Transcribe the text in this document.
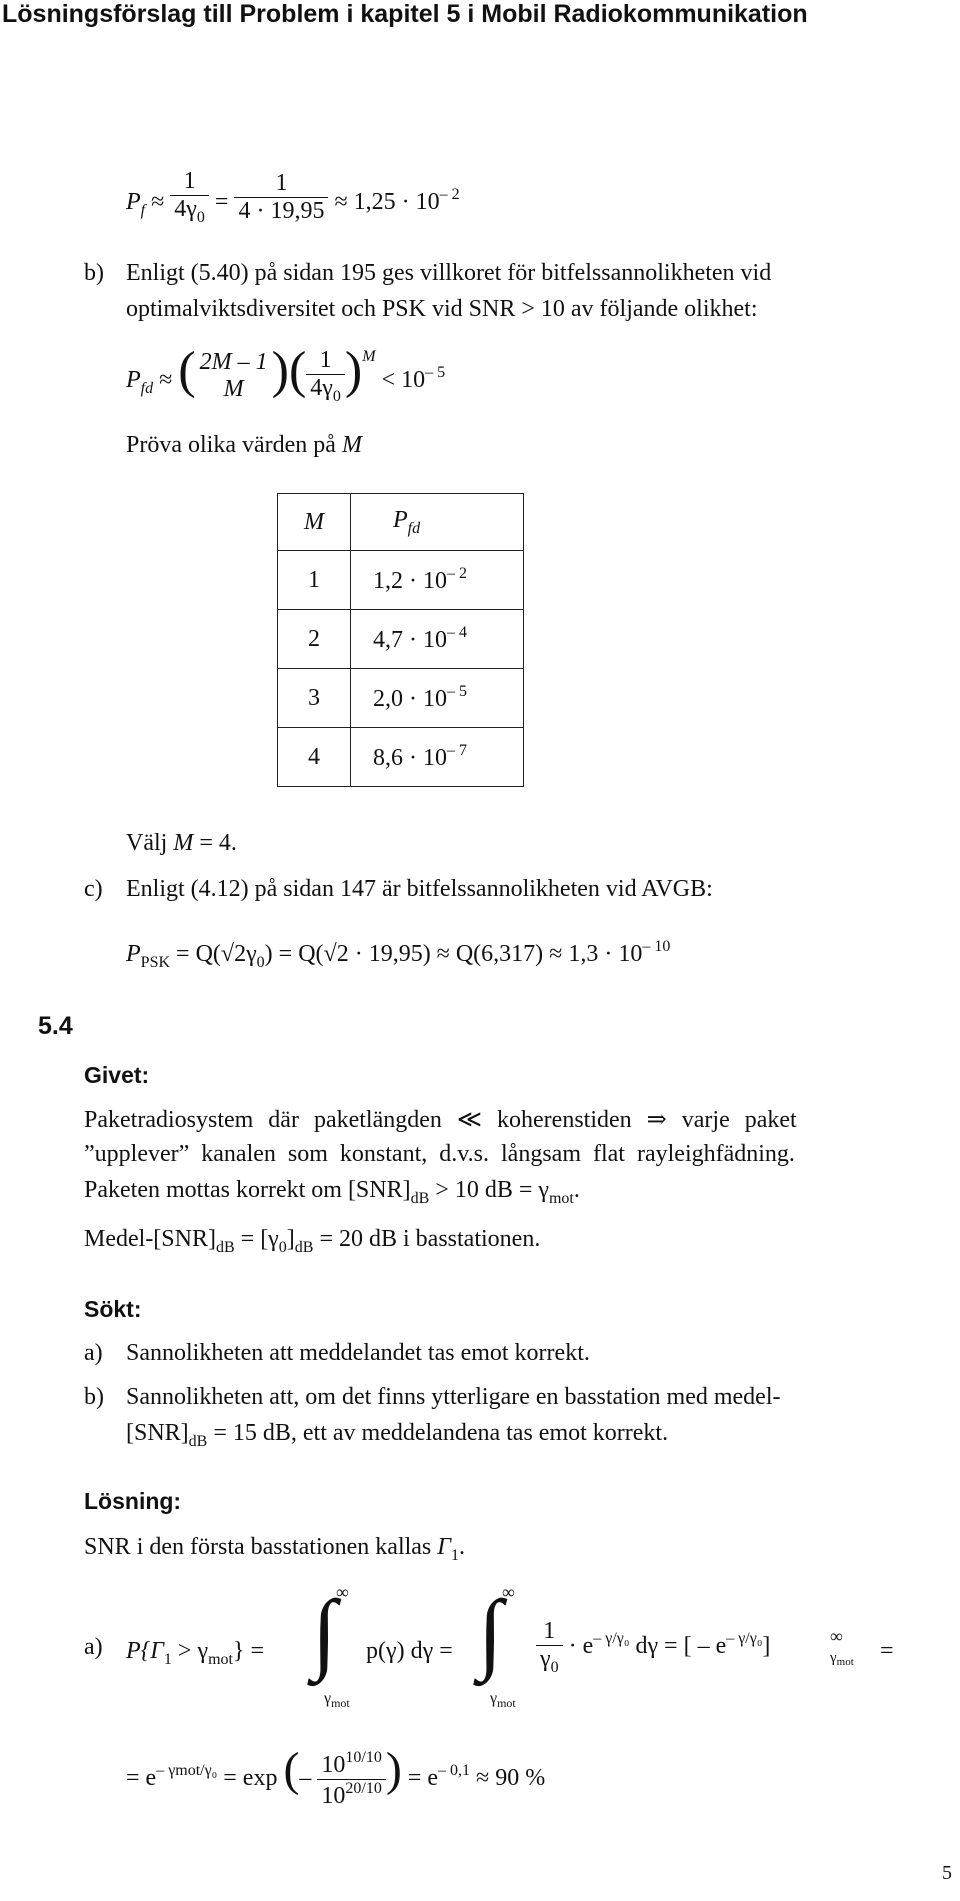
Lösningsförslag till Problem i kapitel 5 i Mobil Radiokommunikation
$P_f \approx \frac{1}{4\gamma_0} = \frac{1}{4 \cdot 19,95} \approx 1,25 \cdot 10^{- 2}$
b) Enligt (5.40) på sidan 195 ges villkoret för bitfelssannolikheten vid
optimalviktsdiversitet och PSK vid SNR > 10 av följande olikhet:
$P_{fd}$ ≈ ( 2M – 1
M )( $\frac{1}{4\gamma_0} )^M < 10^{- 5}$
Pröva olika värden på M
M	$P_{fd}$
1	$1,2 \cdot 10^{- 2}$
2	$4,7 \cdot 10^{- 4}$
3	$2,0 \cdot 10^{- 5}$
4	$8,6 \cdot 10^{- 7}$
Välj M = 4.
c) Enligt (4.12) på sidan 147 är bitfelssannolikheten vid AVGB:
$P_{PSK} = Q(√2\gamma_0) = Q(√2 \cdot 19,95) \approx Q(6,317) \approx 1,3 \cdot 10^{- 10}$
5.4
Givet:
Paketradiosystem där paketlängden ≪ koherenstiden ⇒ varje paket
”upplever” kanalen som konstant, d.v.s. långsam flat rayleighfädning.
Paketen mottas korrekt om $[SNR]_{dB} > 10$ dB = $\gamma_{mot}$.
Medel-$[SNR]_{dB} = [\gamma_0]_{dB} = 20$ dB i basstationen.
Sökt:
a) Sannolikheten att meddelandet tas emot korrekt.
b) Sannolikheten att, om det finns ytterligare en basstation med medel-
$[SNR]_{dB} = 15$ dB, ett av meddelandena tas emot korrekt.
Lösning:
SNR i den första basstationen kallas $\Gamma_1$.
a) $P\{\Gamma_1 > \gamma_{mot}\}$ = ∫ ∞
$\gamma_{mot}$
p(γ) dγ = ∫ ∞
$\gamma_{mot}$
$\frac{1}{\gamma_0} \cdot e^{- \gamma/\gamma_0}$ dγ = [ – $e^{- \gamma/\gamma_0}$]	∞
$\gamma_{mot}$ =
= $e^{- \gamma mot/\gamma_0} = \exp$ (– $\frac{10^{10/10}}{10^{20/10}}$ ) = $e^{- 0,1} \approx 90$ %
5
